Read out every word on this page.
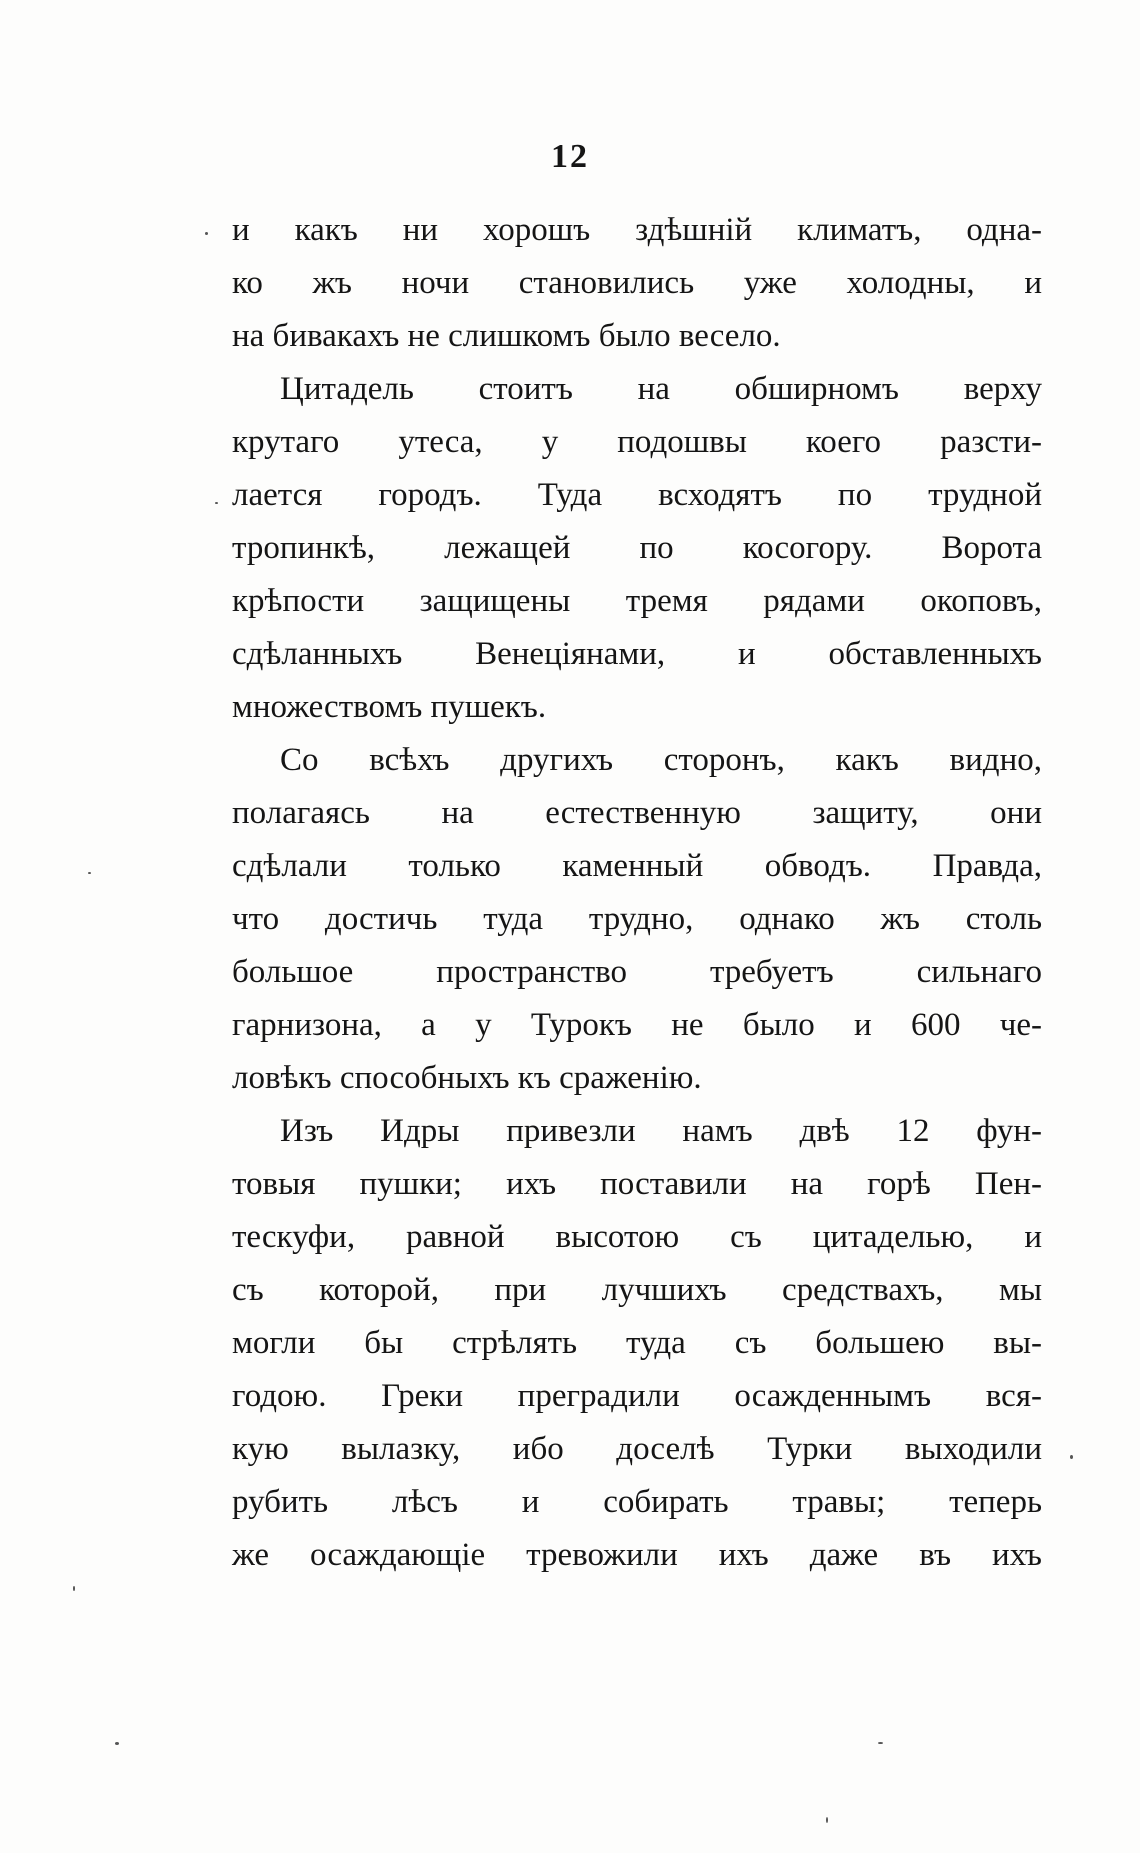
12
и какъ ни хорошъ здѣшній климатъ, одна-
ко жъ ночи становились уже холодны, и
на бивакахъ не слишкомъ было весело.
Цитадель стоитъ на обширномъ верху
крутаго утеса, у подошвы коего разсти-
лается городъ. Туда всходятъ по трудной
тропинкѣ, лежащей по косогору. Ворота
крѣпости защищены тремя рядами окоповъ,
сдѣланныхъ Венеціянами, и обставленныхъ
множествомъ пушекъ.
Со всѣхъ другихъ сторонъ, какъ видно,
полагаясь на естественную защиту, они
сдѣлали только каменный обводъ. Правда,
что достичь туда трудно, однако жъ столь
большое пространство требуетъ сильнаго
гарнизона, а у Турокъ не было и 600 че-
ловѣкъ способныхъ къ сраженію.
Изъ Идры привезли намъ двѣ 12 фун-
товыя пушки; ихъ поставили на горѣ Пен-
тескуфи, равной высотою съ цитаделью, и
съ которой, при лучшихъ средствахъ, мы
могли бы стрѣлять туда съ большею вы-
годою. Греки преградили осажденнымъ вся-
кую вылазку, ибо доселѣ Турки выходили
рубить лѣсъ и собирать травы; теперь
же осаждающіе тревожили ихъ даже въ ихъ
